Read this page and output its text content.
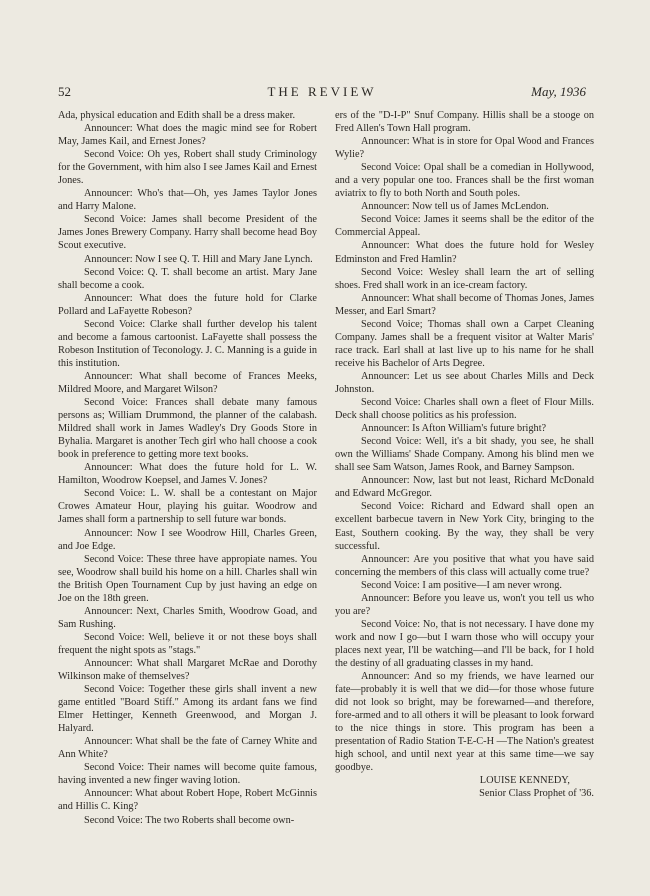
52	THE REVIEW	May, 1936

Ada, physical education and Edith shall be a dress maker.

Announcer: What does the magic mind see for Robert May, James Kail, and Ernest Jones?

Second Voice: Oh yes, Robert shall study Criminology for the Government, with him also I see James Kail and Ernest Jones.

Announcer: Who's that—Oh, yes James Taylor Jones and Harry Malone.

Second Voice: James shall become President of the James Jones Brewery Company. Harry shall become head Boy Scout executive.

Announcer: Now I see Q. T. Hill and Mary Jane Lynch.

Second Voice: Q. T. shall become an artist. Mary Jane shall become a cook.

Announcer: What does the future hold for Clarke Pollard and LaFayette Robeson?

Second Voice: Clarke shall further develop his talent and become a famous cartoonist. LaFayette shall possess the Robeson Institution of Teconology. J. C. Manning is a guide in this institution.

Announcer: What shall become of Frances Meeks, Mildred Moore, and Margaret Wilson?

Second Voice: Frances shall debate many famous persons as; William Drummond, the planner of the calabash. Mildred shall work in James Wadley's Dry Goods Store in Byhalia. Margaret is another Tech girl who hall choose a cook book in preference to getting more text books.

Announcer: What does the future hold for L. W. Hamilton, Woodrow Koepsel, and James V. Jones?

Second Voice: L. W. shall be a contestant on Major Crowes Amateur Hour, playing his guitar. Woodrow and James shall form a partnership to sell future war bonds.

Announcer: Now I see Woodrow Hill, Charles Green, and Joe Edge.

Second Voice: These three have appropiate names. You see, Woodrow shall build his home on a hill. Charles shall win the British Open Tournament Cup by just having an edge on Joe on the 18th green.

Announcer: Next, Charles Smith, Woodrow Goad, and Sam Rushing.

Second Voice: Well, believe it or not these boys shall frequent the night spots as "stags."

Announcer: What shall Margaret McRae and Dorothy Wilkinson make of themselves?

Second Voice: Together these girls shall invent a new game entitled "Board Stiff." Among its ardant fans we find Elmer Hettinger, Kenneth Greenwood, and Morgan J. Halyard.

Announcer: What shall be the fate of Carney White and Ann White?

Second Voice: Their names will become quite famous, having invented a new finger waving lotion.

Announcer: What about Robert Hope, Robert McGinnis and Hillis C. King?

Second Voice: The two Roberts shall become own-

ers of the "D-I-P" Snuf Company. Hillis shall be a stooge on Fred Allen's Town Hall program.

Announcer: What is in store for Opal Wood and Frances Wylie?

Second Voice: Opal shall be a comedian in Hollywood, and a very popular one too. Frances shall be the first woman aviatrix to fly to both North and South poles.

Announcer: Now tell us of James McLendon.

Second Voice: James it seems shall be the editor of the Commercial Appeal.

Announcer: What does the future hold for Wesley Edminston and Fred Hamlin?

Second Voice: Wesley shall learn the art of selling shoes. Fred shall work in an ice-cream factory.

Announcer: What shall become of Thomas Jones, James Messer, and Earl Smart?

Second Voice; Thomas shall own a Carpet Cleaning Company. James shall be a frequent visitor at Walter Maris' race track. Earl shall at last live up to his name for he shall receive his Bachelor of Arts Degree.

Announcer: Let us see about Charles Mills and Deck Johnston.

Second Voice: Charles shall own a fleet of Flour Mills. Deck shall choose politics as his profession.

Announcer: Is Afton William's future bright?

Second Voice: Well, it's a bit shady, you see, he shall own the Williams' Shade Company. Among his blind men we shall see Sam Watson, James Rook, and Barney Sampson.

Announcer: Now, last but not least, Richard McDonald and Edward McGregor.

Second Voice: Richard and Edward shall open an excellent barbecue tavern in New York City, bringing to the East, Southern cooking. By the way, they shall be very successful.

Announcer: Are you positive that what you have said concerning the members of this class will actually come true?

Second Voice: I am positive—I am never wrong.

Announcer: Before you leave us, won't you tell us who you are?

Second Voice: No, that is not necessary. I have done my work and now I go—but I warn those who will occupy your places next year, I'll be watching—and I'll be back, for I hold the destiny of all graduating classes in my hand.

Announcer: And so my friends, we have learned our fate—probably it is well that we did—for those whose future did not look so bright, may be forewarned—and therefore, fore-armed and to all others it will be pleasant to look forward to the nice things in store. This program has been a presentation of Radio Station T-E-C-H —The Nation's greatest high school, and until next year at this same time—we say goodbye.

LOUISE KENNEDY,
Senior Class Prophet of '36.
